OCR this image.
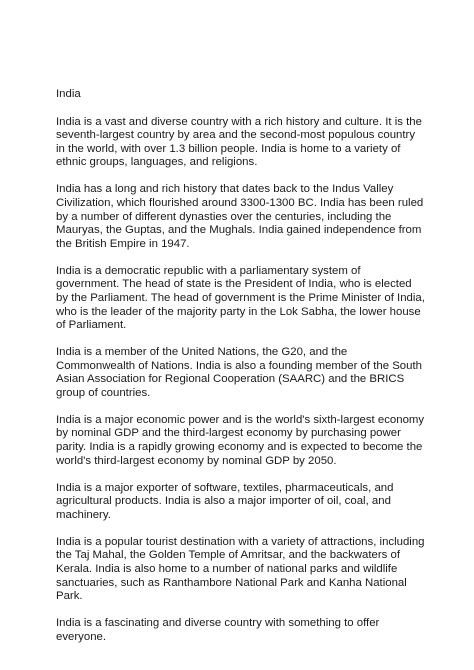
India

India is a vast and diverse country with a rich history and culture. It is the seventh-largest country by area and the second-most populous country in the world, with over 1.3 billion people. India is home to a variety of ethnic groups, languages, and religions.

India has a long and rich history that dates back to the Indus Valley Civilization, which flourished around 3300-1300 BC. India has been ruled by a number of different dynasties over the centuries, including the Mauryas, the Guptas, and the Mughals. India gained independence from the British Empire in 1947.

India is a democratic republic with a parliamentary system of government. The head of state is the President of India, who is elected by the Parliament. The head of government is the Prime Minister of India, who is the leader of the majority party in the Lok Sabha, the lower house of Parliament.

India is a member of the United Nations, the G20, and the Commonwealth of Nations. India is also a founding member of the South Asian Association for Regional Cooperation (SAARC) and the BRICS group of countries.

India is a major economic power and is the world's sixth-largest economy by nominal GDP and the third-largest economy by purchasing power parity. India is a rapidly growing economy and is expected to become the world's third-largest economy by nominal GDP by 2050.

India is a major exporter of software, textiles, pharmaceuticals, and agricultural products. India is also a major importer of oil, coal, and machinery.

India is a popular tourist destination with a variety of attractions, including the Taj Mahal, the Golden Temple of Amritsar, and the backwaters of Kerala. India is also home to a number of national parks and wildlife sanctuaries, such as Ranthambore National Park and Kanha National Park.

India is a fascinating and diverse country with something to offer everyone.
